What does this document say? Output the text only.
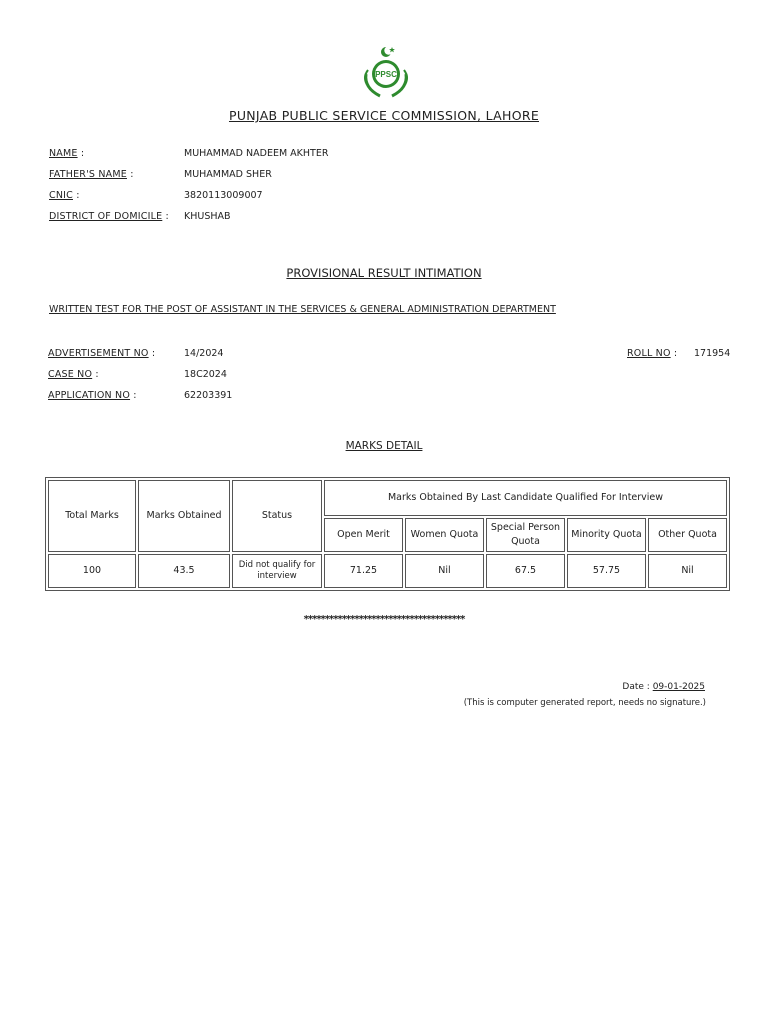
PPSC
PUNJAB PUBLIC SERVICE COMMISSION, LAHORE
NAME :	MUHAMMAD NADEEM AKHTER
FATHER'S NAME :	MUHAMMAD SHER
CNIC :	3820113009007
DISTRICT OF DOMICILE : KHUSHAB
PROVISIONAL RESULT INTIMATION
WRITTEN TEST FOR THE POST OF ASSISTANT IN THE SERVICES & GENERAL ADMINISTRATION DEPARTMENT
ADVERTISEMENT NO :	14/2024	ROLL NO : 171954
CASE NO :	18C2024
APPLICATION NO :	62203391
MARKS DETAIL
Total Marks	Marks Obtained	Status	Marks Obtained By Last Candidate Qualified For Interview				
			Open Merit	Women Quota	Special Person Quota	Minority Quota	Other Quota
100	43.5	Did not qualify for interview	71.25	Nil	67.5	57.75	Nil
**************************************
Date : 09-01-2025
(This is computer generated report, needs no signature.)
